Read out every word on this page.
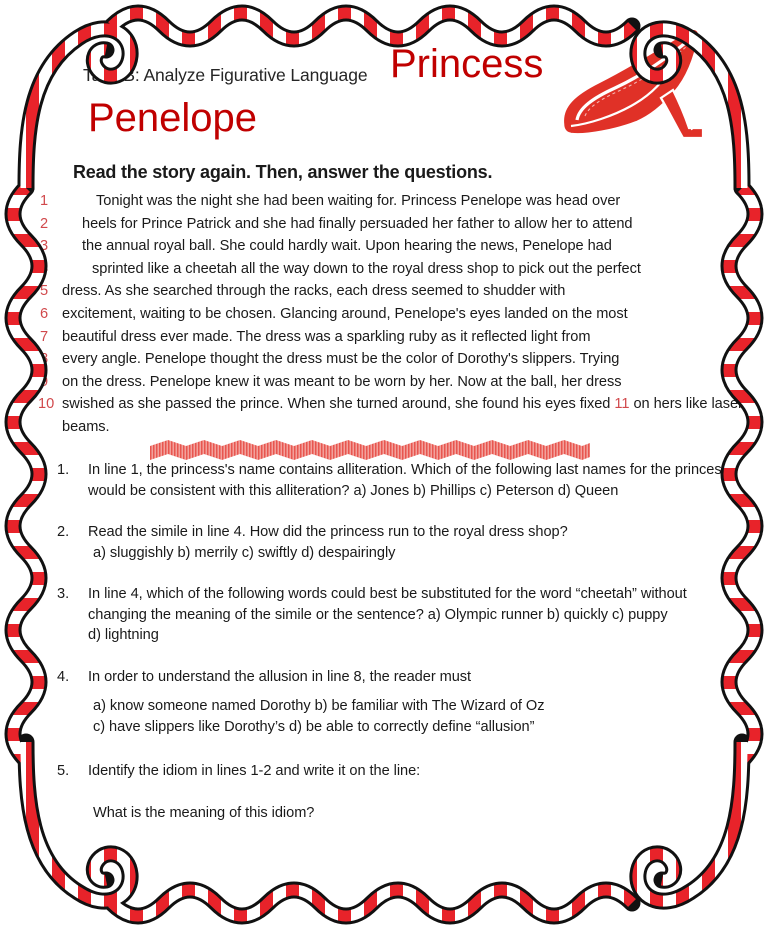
Task B: Analyze Figurative Language Princess
Penelope
Read the story again. Then, answer the questions.
1	Tonight was the night she had been waiting for. Princess Penelope was head over
2	heels for Prince Patrick and she had finally persuaded her father to allow her to attend
3	the annual royal ball. She could hardly wait. Upon hearing the news, Penelope had
4	sprinted like a cheetah all the way down to the royal dress shop to pick out the perfect
5 dress. As she searched through the racks, each dress seemed to shudder with
6 excitement, waiting to be chosen. Glancing around, Penelope's eyes landed on the most
7 beautiful dress ever made. The dress was a sparkling ruby as it reflected light from
8 every angle. Penelope thought the dress must be the color of Dorothy's slippers. Trying
9 on the dress. Penelope knew it was meant to be worn by her. Now at the ball, her dress
10 swished as she passed the prince. When she turned around, she found his eyes fixed 11 on hers like laser
beams.
1.	In line 1, the princess's name contains alliteration. Which of the following last names for the princess
would be consistent with this alliteration? a) Jones b) Phillips c) Peterson d) Queen
2.	Read the simile in line 4. How did the princess run to the royal dress shop?
a) sluggishly b) merrily c) swiftly d) despairingly
3.	In line 4, which of the following words could best be substituted for the word “cheetah” without
changing the meaning of the simile or the sentence? a) Olympic runner b) quickly c) puppy
d) lightning
4.	In order to understand the allusion in line 8, the reader must
a) know someone named Dorothy b) be familiar with The Wizard of Oz
c) have slippers like Dorothy’s d) be able to correctly define “allusion”
5.	Identify the idiom in lines 1-2 and write it on the line:
What is the meaning of this idiom?
